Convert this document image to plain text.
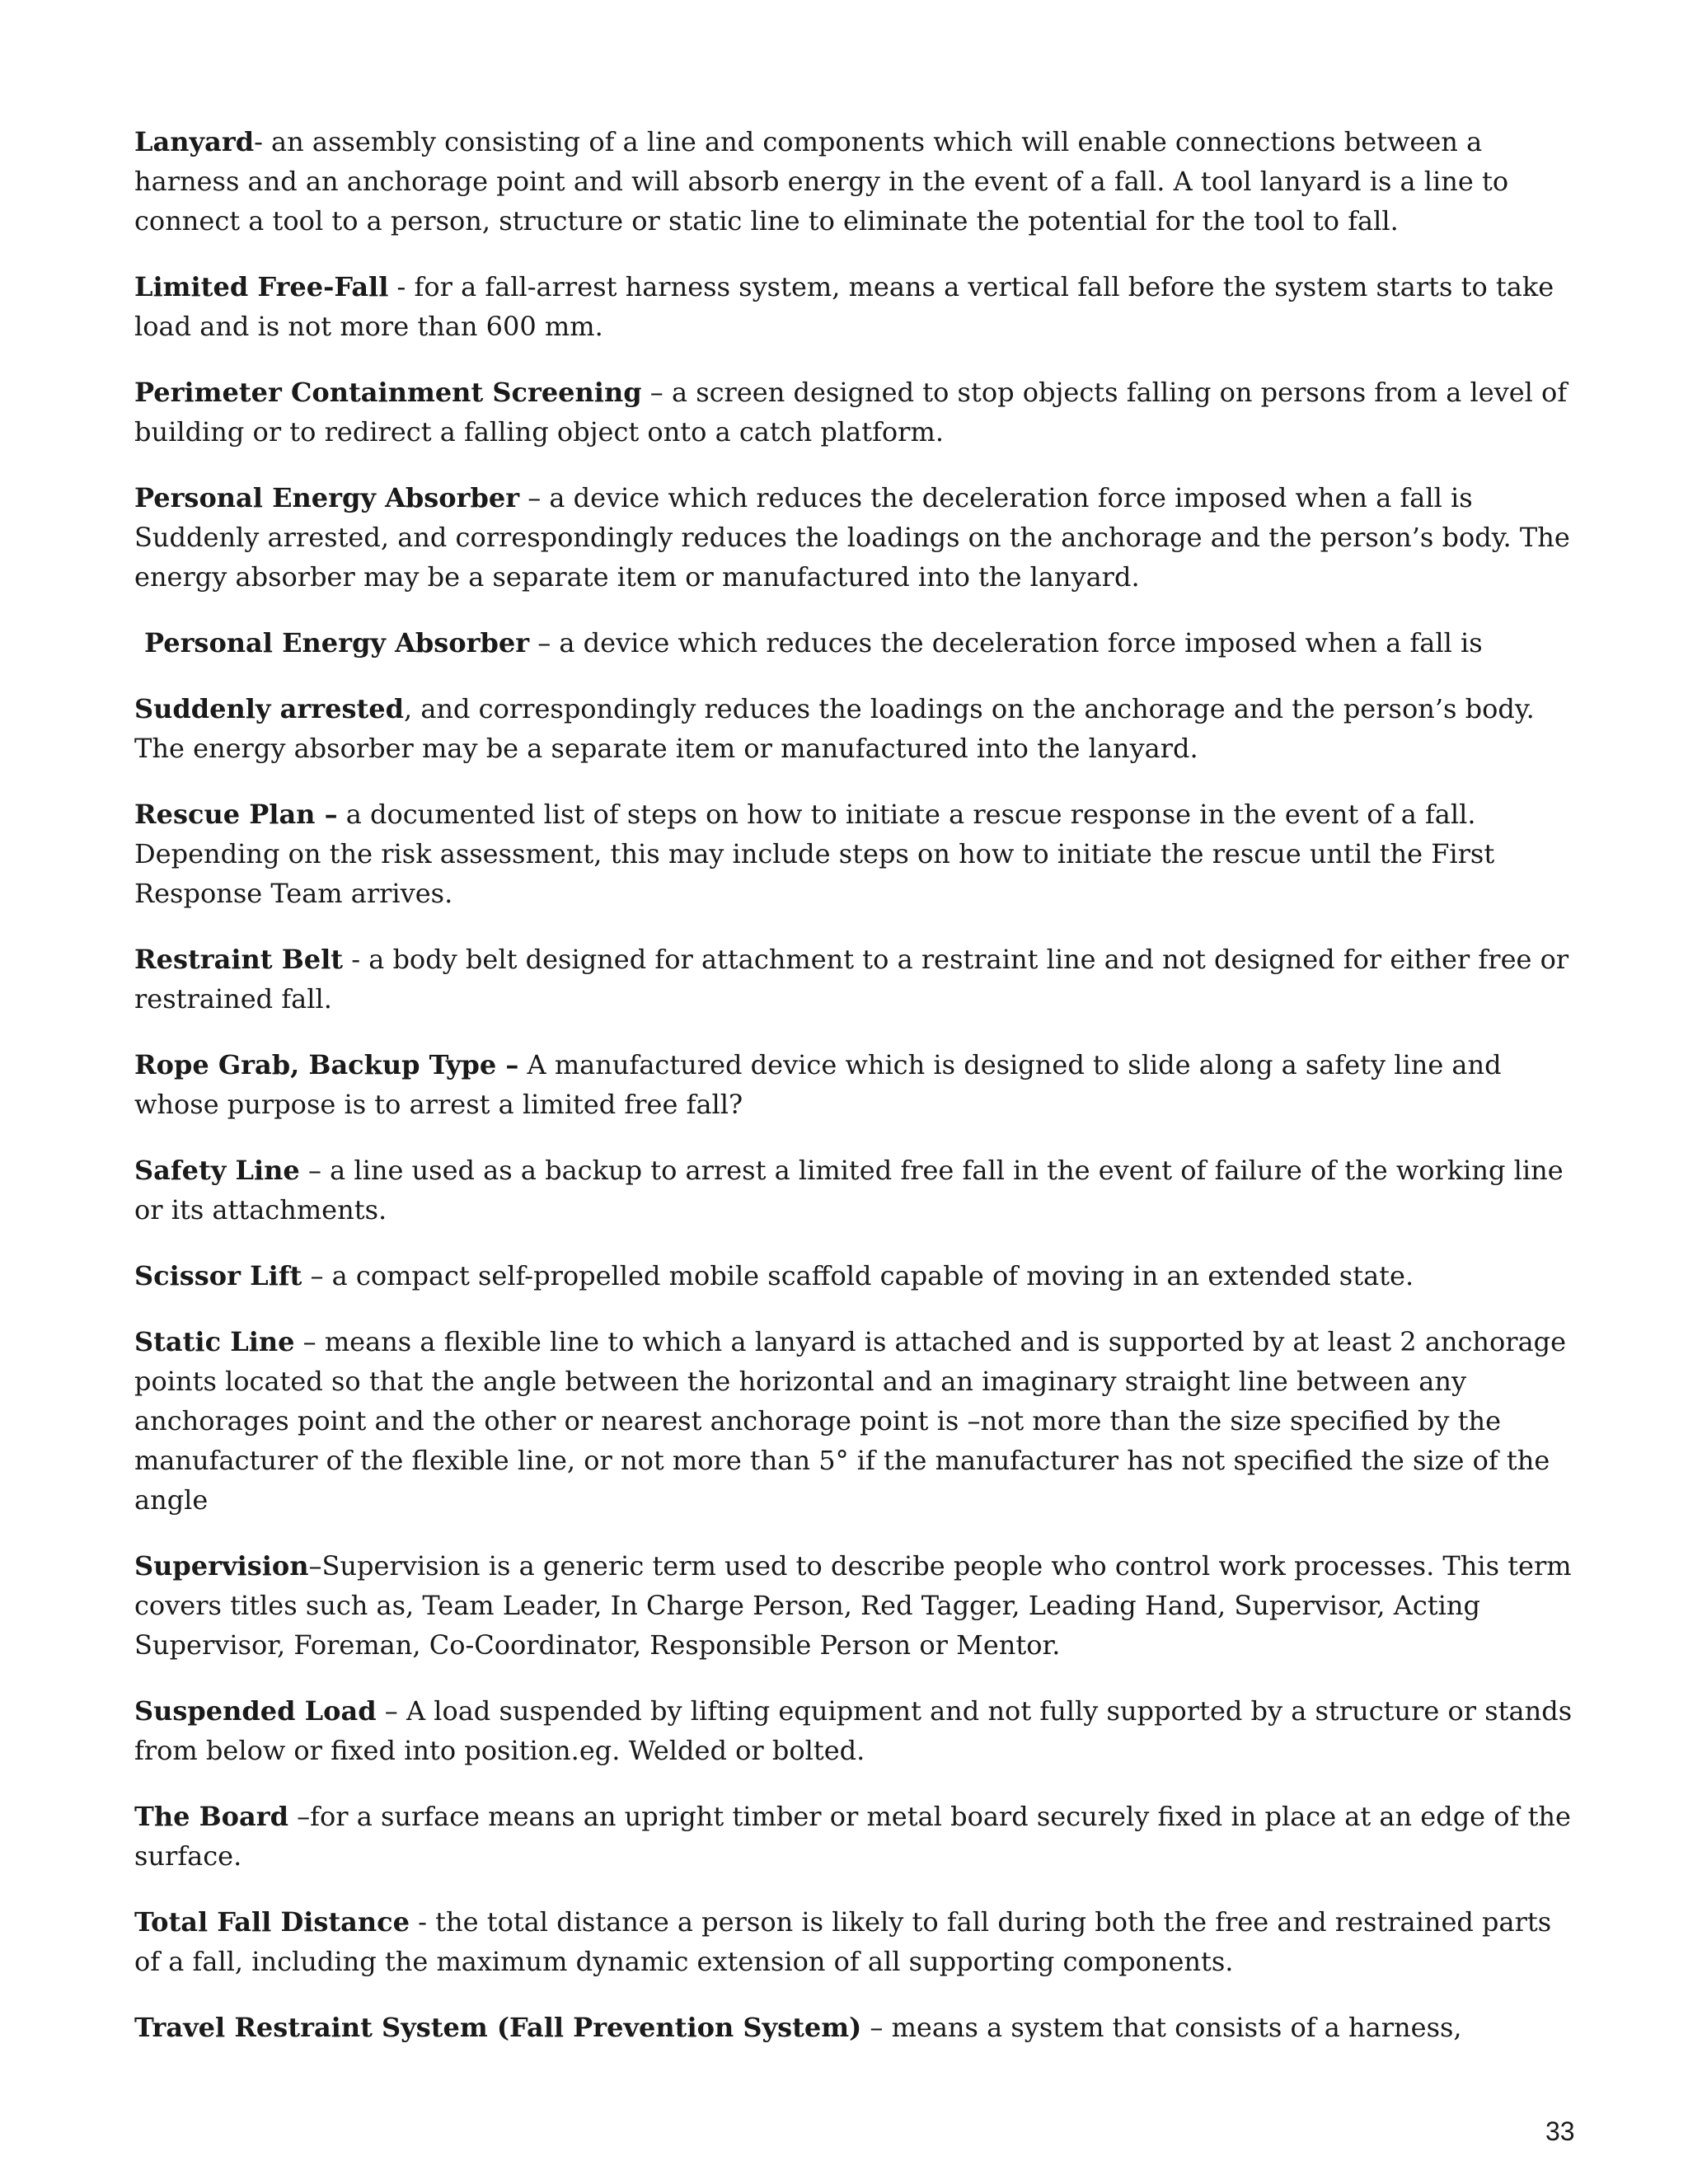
Lanyard- an assembly consisting of a line and components which will enable connections between a harness and an anchorage point and will absorb energy in the event of a fall. A tool lanyard is a line to connect a tool to a person, structure or static line to eliminate the potential for the tool to fall.

Limited Free-Fall - for a fall-arrest harness system, means a vertical fall before the system starts to take load and is not more than 600 mm.

Perimeter Containment Screening – a screen designed to stop objects falling on persons from a level of building or to redirect a falling object onto a catch platform.

Personal Energy Absorber – a device which reduces the deceleration force imposed when a fall is Suddenly arrested, and correspondingly reduces the loadings on the anchorage and the person’s body. The energy absorber may be a separate item or manufactured into the lanyard.

Personal Energy Absorber – a device which reduces the deceleration force imposed when a fall is

Suddenly arrested, and correspondingly reduces the loadings on the anchorage and the person’s body. The energy absorber may be a separate item or manufactured into the lanyard.

Rescue Plan – a documented list of steps on how to initiate a rescue response in the event of a fall. Depending on the risk assessment, this may include steps on how to initiate the rescue until the First Response Team arrives.

Restraint Belt - a body belt designed for attachment to a restraint line and not designed for either free or restrained fall.

Rope Grab, Backup Type – A manufactured device which is designed to slide along a safety line and whose purpose is to arrest a limited free fall?

Safety Line – a line used as a backup to arrest a limited free fall in the event of failure of the working line or its attachments.

Scissor Lift – a compact self-propelled mobile scaffold capable of moving in an extended state.

Static Line – means a flexible line to which a lanyard is attached and is supported by at least 2 anchorage points located so that the angle between the horizontal and an imaginary straight line between any anchorages point and the other or nearest anchorage point is –not more than the size specified by the manufacturer of the flexible line, or not more than 5° if the manufacturer has not specified the size of the angle

Supervision–Supervision is a generic term used to describe people who control work processes. This term covers titles such as, Team Leader, In Charge Person, Red Tagger, Leading Hand, Supervisor, Acting Supervisor, Foreman, Co-Coordinator, Responsible Person or Mentor.

Suspended Load – A load suspended by lifting equipment and not fully supported by a structure or stands from below or fixed into position.eg. Welded or bolted.

The Board –for a surface means an upright timber or metal board securely fixed in place at an edge of the surface.

Total Fall Distance - the total distance a person is likely to fall during both the free and restrained parts of a fall, including the maximum dynamic extension of all supporting components.

Travel Restraint System (Fall Prevention System) – means a system that consists of a harness,

33
